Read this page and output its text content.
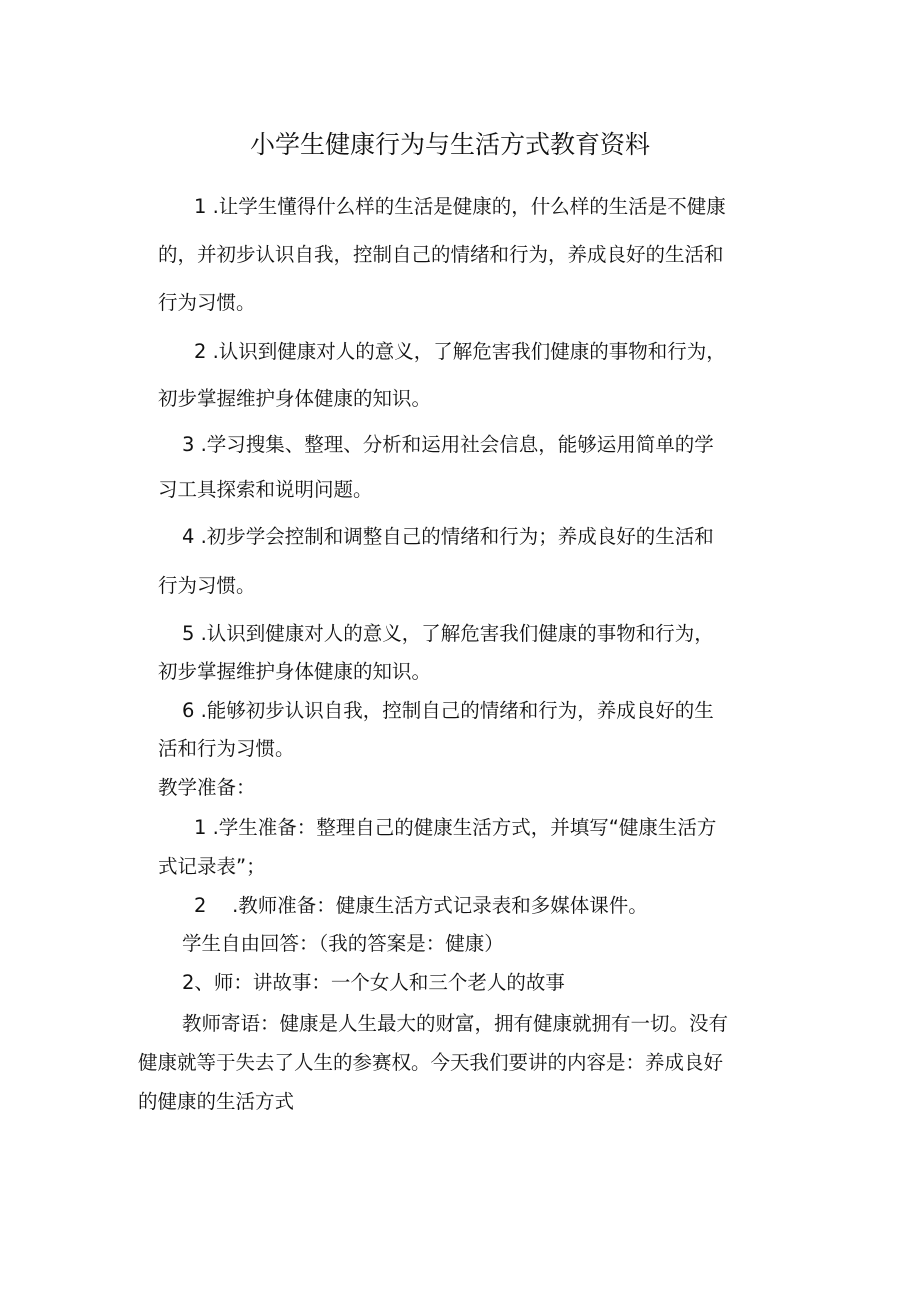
小学生健康行为与生活方式教育资料
1 .让学生懂得什么样的生活是健康的，什么样的生活是不健康
的，并初步认识自我，控制自己的情绪和行为，养成良好的生活和
行为习惯。
2 .认识到健康对人的意义，了解危害我们健康的事物和行为，
初步掌握维护身体健康的知识。
3 .学习搜集、整理、分析和运用社会信息，能够运用简单的学
习工具探索和说明问题。
4 .初步学会控制和调整自己的情绪和行为；养成良好的生活和
行为习惯。
5 .认识到健康对人的意义，了解危害我们健康的事物和行为，
初步掌握维护身体健康的知识。
6 .能够初步认识自我，控制自己的情绪和行为，养成良好的生
活和行为习惯。
教学准备：
1 .学生准备：整理自己的健康生活方式，并填写“健康生活方
式记录表”；
2　 .教师准备：健康生活方式记录表和多媒体课件。
学生自由回答：（我的答案是：健康）
2、师：讲故事：一个女人和三个老人的故事
教师寄语：健康是人生最大的财富，拥有健康就拥有一切。没有
健康就等于失去了人生的参赛权。今天我们要讲的内容是：养成良好
的健康的生活方式
